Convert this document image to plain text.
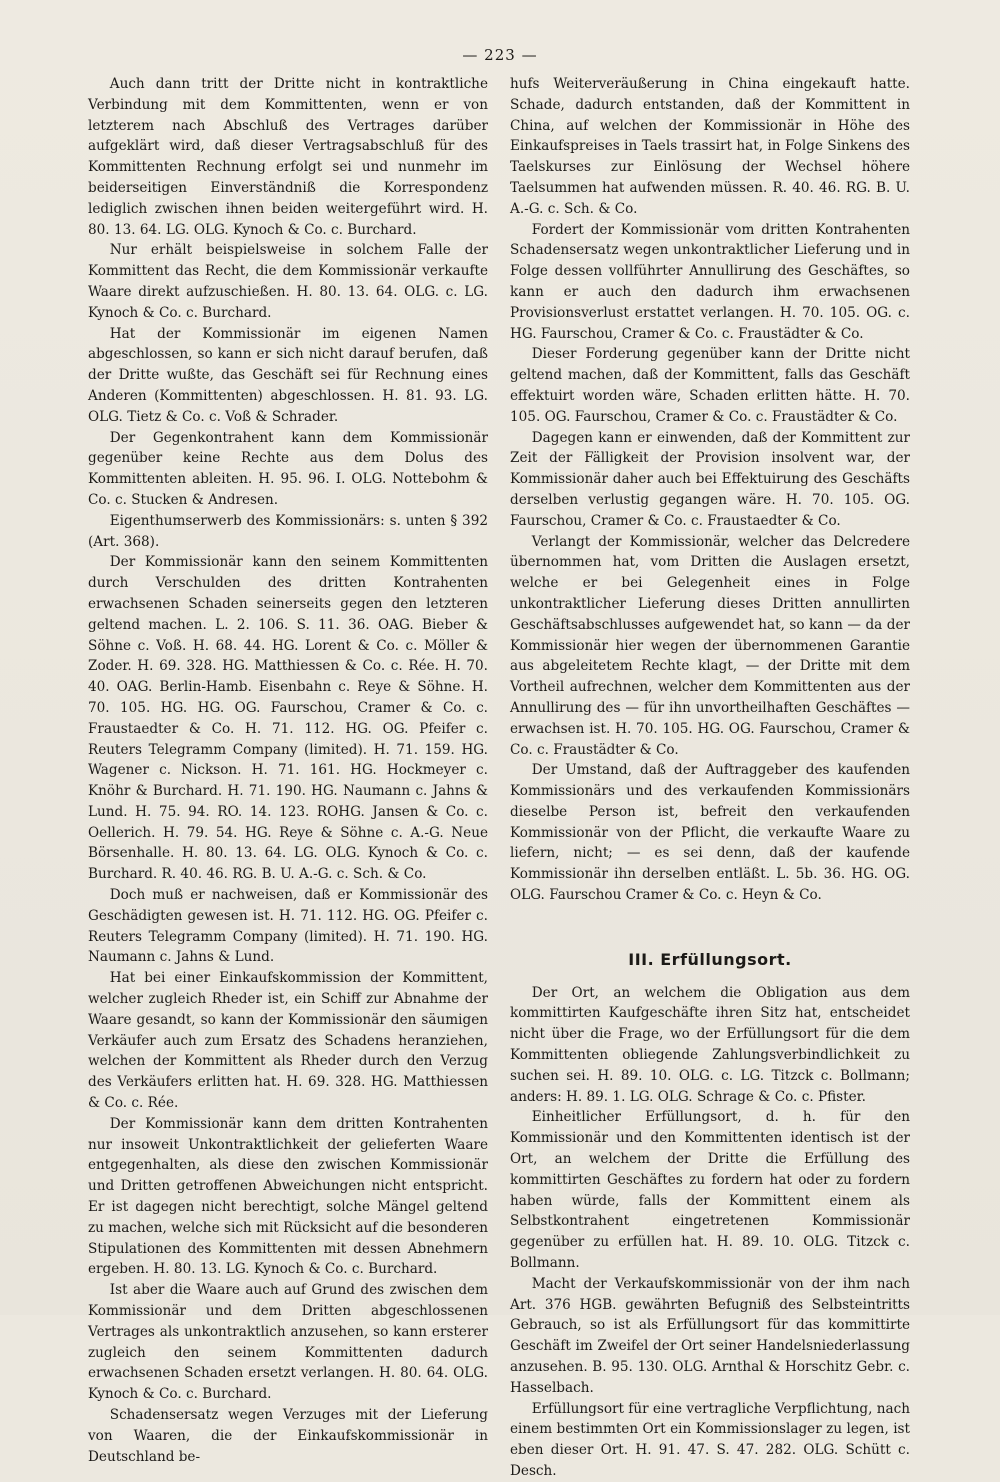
— 223 —

Auch dann tritt der Dritte nicht in kontraktliche Verbindung mit dem Kommittenten, wenn er von letzterem nach Abschluß des Vertrages darüber aufgeklärt wird, daß dieser Vertragsabschluß für des Kommittenten Rechnung erfolgt sei und nunmehr im beiderseitigen Einverständniß die Korrespondenz lediglich zwischen ihnen beiden weitergeführt wird. H. 80. 13. 64. LG. OLG. Kynoch & Co. c. Burchard.

Nur erhält beispielsweise in solchem Falle der Kommittent das Recht, die dem Kommissionär verkaufte Waare direkt aufzuschießen. H. 80. 13. 64. OLG. c. LG. Kynoch & Co. c. Burchard.

Hat der Kommissionär im eigenen Namen abgeschlossen, so kann er sich nicht darauf berufen, daß der Dritte wußte, das Geschäft sei für Rechnung eines Anderen (Kommittenten) abgeschlossen. H. 81. 93. LG. OLG. Tietz & Co. c. Voß & Schrader.

Der Gegenkontrahent kann dem Kommissionär gegenüber keine Rechte aus dem Dolus des Kommittenten ableiten. H. 95. 96. I. OLG. Nottebohm & Co. c. Stucken & Andresen.

Eigenthumserwerb des Kommissionärs: s. unten § 392 (Art. 368).

Der Kommissionär kann den seinem Kommittenten durch Verschulden des dritten Kontrahenten erwachsenen Schaden seinerseits gegen den letzteren geltend machen. L. 2. 106. S. 11. 36. OAG. Bieber & Söhne c. Voß. H. 68. 44. HG. Lorent & Co. c. Möller & Zoder. H. 69. 328. HG. Matthiessen & Co. c. Rée. H. 70. 40. OAG. Berlin-Hamb. Eisenbahn c. Reye & Söhne. H. 70. 105. HG. HG. OG. Faurschou, Cramer & Co. c. Fraustaedter & Co. H. 71. 112. HG. OG. Pfeifer c. Reuters Telegramm Company (limited). H. 71. 159. HG. Wagener c. Nickson. H. 71. 161. HG. Hockmeyer c. Knöhr & Burchard. H. 71. 190. HG. Naumann c. Jahns & Lund. H. 75. 94. RO. 14. 123. ROHG. Jansen & Co. c. Oellerich. H. 79. 54. HG. Reye & Söhne c. A.-G. Neue Börsenhalle. H. 80. 13. 64. LG. OLG. Kynoch & Co. c. Burchard. R. 40. 46. RG. B. U. A.-G. c. Sch. & Co.

Doch muß er nachweisen, daß er Kommissionär des Geschädigten gewesen ist. H. 71. 112. HG. OG. Pfeifer c. Reuters Telegramm Company (limited). H. 71. 190. HG. Naumann c. Jahns & Lund.

Hat bei einer Einkaufskommission der Kommittent, welcher zugleich Rheder ist, ein Schiff zur Abnahme der Waare gesandt, so kann der Kommissionär den säumigen Verkäufer auch zum Ersatz des Schadens heranziehen, welchen der Kommittent als Rheder durch den Verzug des Verkäufers erlitten hat. H. 69. 328. HG. Matthiessen & Co. c. Rée.

Der Kommissionär kann dem dritten Kontrahenten nur insoweit Unkontraktlichkeit der gelieferten Waare entgegenhalten, als diese den zwischen Kommissionär und Dritten getroffenen Abweichungen nicht entspricht. Er ist dagegen nicht berechtigt, solche Mängel geltend zu machen, welche sich mit Rücksicht auf die besonderen Stipulationen des Kommittenten mit dessen Abnehmern ergeben. H. 80. 13. LG. Kynoch & Co. c. Burchard.

Ist aber die Waare auch auf Grund des zwischen dem Kommissionär und dem Dritten abgeschlossenen Vertrages als unkontraktlich anzusehen, so kann ersterer zugleich den seinem Kommittenten dadurch erwachsenen Schaden ersetzt verlangen. H. 80. 64. OLG. Kynoch & Co. c. Burchard.

Schadensersatz wegen Verzuges mit der Lieferung von Waaren, die der Einkaufskommissionär in Deutschland be-

hufs Weiterveräußerung in China eingekauft hatte. Schade, dadurch entstanden, daß der Kommittent in China, auf welchen der Kommissionär in Höhe des Einkaufspreises in Taels trassirt hat, in Folge Sinkens des Taelskurses zur Einlösung der Wechsel höhere Taelsummen hat aufwenden müssen. R. 40. 46. RG. B. U. A.-G. c. Sch. & Co.

Fordert der Kommissionär vom dritten Kontrahenten Schadensersatz wegen unkontraktlicher Lieferung und in Folge dessen vollführter Annullirung des Geschäftes, so kann er auch den dadurch ihm erwachsenen Provisionsverlust erstattet verlangen. H. 70. 105. OG. c. HG. Faurschou, Cramer & Co. c. Fraustädter & Co.

Dieser Forderung gegenüber kann der Dritte nicht geltend machen, daß der Kommittent, falls das Geschäft effektuirt worden wäre, Schaden erlitten hätte. H. 70. 105. OG. Faurschou, Cramer & Co. c. Fraustädter & Co.

Dagegen kann er einwenden, daß der Kommittent zur Zeit der Fälligkeit der Provision insolvent war, der Kommissionär daher auch bei Effektuirung des Geschäfts derselben verlustig gegangen wäre. H. 70. 105. OG. Faurschou, Cramer & Co. c. Fraustaedter & Co.

Verlangt der Kommissionär, welcher das Delcredere übernommen hat, vom Dritten die Auslagen ersetzt, welche er bei Gelegenheit eines in Folge unkontraktlicher Lieferung dieses Dritten annullirten Geschäftsabschlusses aufgewendet hat, so kann — da der Kommissionär hier wegen der übernommenen Garantie aus abgeleitetem Rechte klagt, — der Dritte mit dem Vortheil aufrechnen, welcher dem Kommittenten aus der Annullirung des — für ihn unvortheilhaften Geschäftes — erwachsen ist. H. 70. 105. HG. OG. Faurschou, Cramer & Co. c. Fraustädter & Co.

Der Umstand, daß der Auftraggeber des kaufenden Kommissionärs und des verkaufenden Kommissionärs dieselbe Person ist, befreit den verkaufenden Kommissionär von der Pflicht, die verkaufte Waare zu liefern, nicht; — es sei denn, daß der kaufende Kommissionär ihn derselben entläßt. L. 5b. 36. HG. OG. OLG. Faurschou Cramer & Co. c. Heyn & Co.

III. Erfüllungsort.

Der Ort, an welchem die Obligation aus dem kommittirten Kaufgeschäfte ihren Sitz hat, entscheidet nicht über die Frage, wo der Erfüllungsort für die dem Kommittenten obliegende Zahlungsverbindlichkeit zu suchen sei. H. 89. 10. OLG. c. LG. Titzck c. Bollmann; anders: H. 89. 1. LG. OLG. Schrage & Co. c. Pfister.

Einheitlicher Erfüllungsort, d. h. für den Kommissionär und den Kommittenten identisch ist der Ort, an welchem der Dritte die Erfüllung des kommittirten Geschäftes zu fordern hat oder zu fordern haben würde, falls der Kommittent einem als Selbstkontrahent eingetretenen Kommissionär gegenüber zu erfüllen hat. H. 89. 10. OLG. Titzck c. Bollmann.

Macht der Verkaufskommissionär von der ihm nach Art. 376 HGB. gewährten Befugniß des Selbsteintritts Gebrauch, so ist als Erfüllungsort für das kommittirte Geschäft im Zweifel der Ort seiner Handelsniederlassung anzusehen. B. 95. 130. OLG. Arnthal & Horschitz Gebr. c. Hasselbach.

Erfüllungsort für eine vertragliche Verpflichtung, nach einem bestimmten Ort ein Kommissionslager zu legen, ist eben dieser Ort. H. 91. 47. S. 47. 282. OLG. Schütt c. Desch.
